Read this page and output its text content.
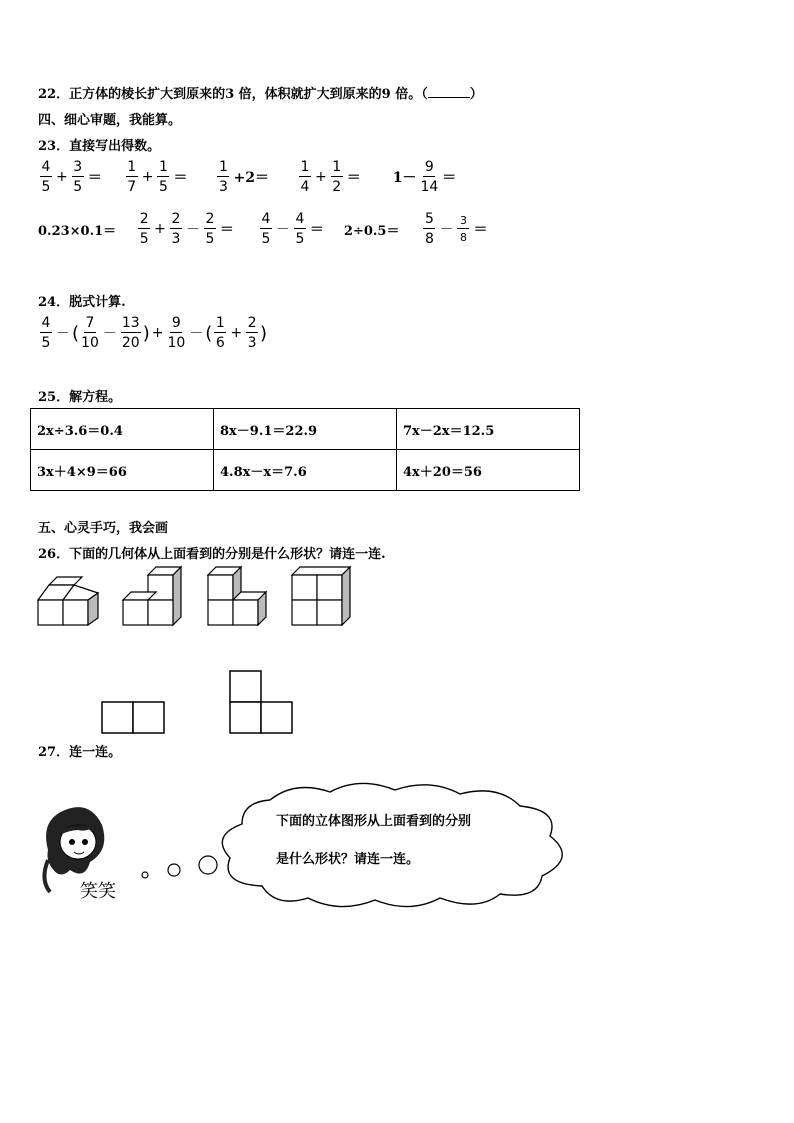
22．正方体的棱长扩大到原来的3 倍，体积就扩大到原来的9 倍。（	）
四、细心审题，我能算。
23．直接写出得数。
$\frac{4}{5} + \frac{3}{5} = \frac{1}{7} + \frac{1}{5} = \frac{1}{3} +2= \frac{1}{4} + \frac{1}{2} = 1- \frac{9}{14}$ ＝
$0.23\times 0.1= \frac{2}{5} + \frac{2}{3} - \frac{2}{5} = \frac{4}{5} - \frac{4}{5} = 2\div 0.5= \frac{5}{8} - \frac{3}{8}$ ＝
24．脱式计算.
$\frac{4}{5}$ － ( $\frac{7}{10} - \frac{13}{20}$ ) + $\frac{9}{10}$ － ( $\frac{1}{6} + \frac{2}{3}$ )
25．解方程。
2x÷3.6＝0.4	8x－9.1＝22.9	7x－2x＝12.5
3x＋4×9＝66	4.8x－x＝7.6	4x＋20＝56
五、心灵手巧，我会画
26．下面的几何体从上面看到的分别是什么形状？请连一连.
27．连一连。
下面的立体图形从上面看到的分别
是什么形状？请连一连。
笑笑
